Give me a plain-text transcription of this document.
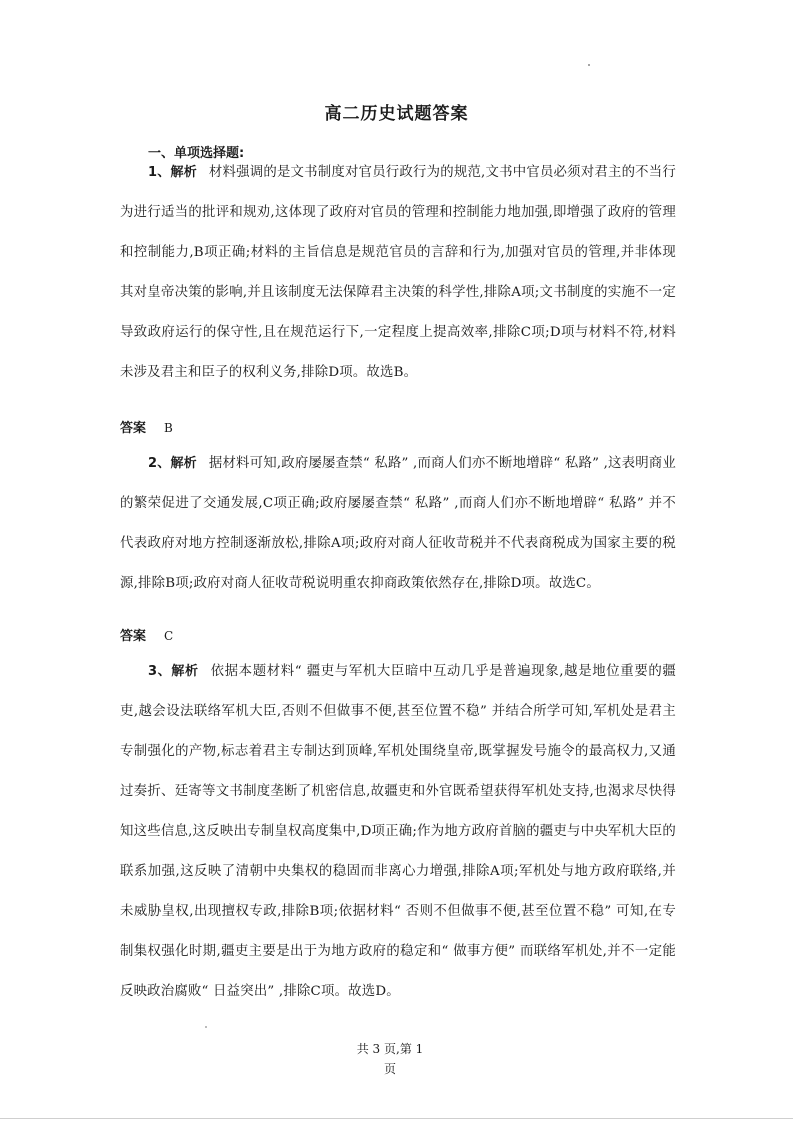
高二历史试题答案
一、单项选择题:
1、解析 材料强调的是文书制度对官员行政行为的规范,文书中官员必须对君主的不当行为进行适当的批评和规劝,这体现了政府对官员的管理和控制能力地加强,即增强了政府的管理和控制能力,B项正确;材料的主旨信息是规范官员的言辞和行为,加强对官员的管理,并非体现其对皇帝决策的影响,并且该制度无法保障君主决策的科学性,排除A项;文书制度的实施不一定导致政府运行的保守性,且在规范运行下,一定程度上提高效率,排除C项;D项与材料不符,材料未涉及君主和臣子的权利义务,排除D项。故选B。
答案 B
2、解析 据材料可知,政府屡屡查禁“ 私路” ,而商人们亦不断地增辟“ 私路” ,这表明商业的繁荣促进了交通发展,C项正确;政府屡屡查禁“ 私路” ,而商人们亦不断地增辟“ 私路” 并不代表政府对地方控制逐渐放松,排除A项;政府对商人征收苛税并不代表商税成为国家主要的税源,排除B项;政府对商人征收苛税说明重农抑商政策依然存在,排除D项。故选C。
答案 C
3、解析 依据本题材料“ 疆吏与军机大臣暗中互动几乎是普遍现象,越是地位重要的疆吏,越会设法联络军机大臣,否则不但做事不便,甚至位置不稳” 并结合所学可知,军机处是君主专制强化的产物,标志着君主专制达到顶峰,军机处围绕皇帝,既掌握发号施令的最高权力,又通过奏折、廷寄等文书制度垄断了机密信息,故疆吏和外官既希望获得军机处支持,也渴求尽快得知这些信息,这反映出专制皇权高度集中,D项正确;作为地方政府首脑的疆吏与中央军机大臣的联系加强,这反映了清朝中央集权的稳固而非离心力增强,排除A项;军机处与地方政府联络,并未威胁皇权,出现擅权专政,排除B项;依据材料“ 否则不但做事不便,甚至位置不稳” 可知,在专制集权强化时期,疆吏主要是出于为地方政府的稳定和“ 做事方便” 而联络军机处,并不一定能反映政治腐败“ 日益突出” ,排除C项。故选D。
共 3 页,第 1
页
